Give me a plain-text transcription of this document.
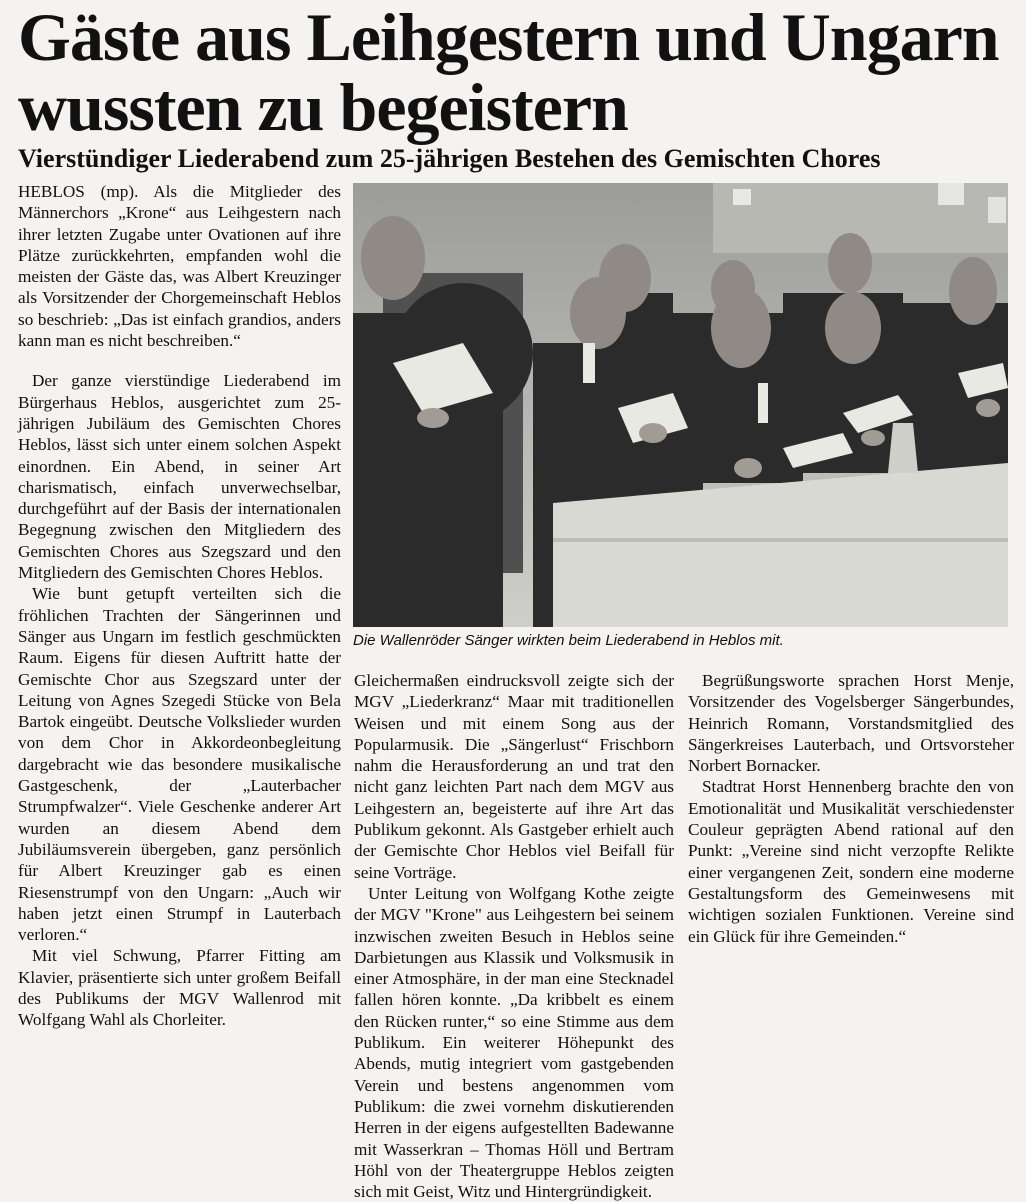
Gäste aus Leihgestern und Ungarn wussten zu begeistern
Vierstündiger Liederabend zum 25-jährigen Bestehen des Gemischten Chores

HEBLOS (mp). Als die Mitglieder des Männerchors „Krone“ aus Leihgestern nach ihrer letzten Zugabe unter Ovationen auf ihre Plätze zurückkehrten, empfanden wohl die meisten der Gäste das, was Albert Kreuzinger als Vorsitzender der Chorgemeinschaft Heblos so beschrieb: „Das ist einfach grandios, anders kann man es nicht beschreiben.“

Der ganze vierstündige Liederabend im Bürgerhaus Heblos, ausgerichtet zum 25-jährigen Jubiläum des Gemischten Chores Heblos, lässt sich unter einem solchen Aspekt einordnen. Ein Abend, in seiner Art charismatisch, einfach unverwechselbar, durchgeführt auf der Basis der internationalen Begegnung zwischen den Mitgliedern des Gemischten Chores aus Szegszard und den Mitgliedern des Gemischten Chores Heblos.

Wie bunt getupft verteilten sich die fröhlichen Trachten der Sängerinnen und Sänger aus Ungarn im festlich geschmückten Raum. Eigens für diesen Auftritt hatte der Gemischte Chor aus Szegszard unter der Leitung von Agnes Szegedi Stücke von Bela Bartok eingeübt. Deutsche Volkslieder wurden von dem Chor in Akkordeonbegleitung dargebracht wie das besondere musikalische Gastgeschenk, der „Lauterbacher Strumpfwalzer“. Viele Geschenke anderer Art wurden an diesem Abend dem Jubiläumsverein übergeben, ganz persönlich für Albert Kreuzinger gab es einen Riesenstrumpf von den Ungarn: „Auch wir haben jetzt einen Strumpf in Lauterbach verloren.“

Mit viel Schwung, Pfarrer Fitting am Klavier, präsentierte sich unter großem Beifall des Publikums der MGV Wallenrod mit Wolfgang Wahl als Chorleiter.

Die Wallenröder Sänger wirkten beim Liederabend in Heblos mit.

Gleichermaßen eindrucksvoll zeigte sich der MGV „Liederkranz“ Maar mit traditionellen Weisen und mit einem Song aus der Popularmusik. Die „Sängerlust“ Frischborn nahm die Herausforderung an und trat den nicht ganz leichten Part nach dem MGV aus Leihgestern an, begeisterte auf ihre Art das Publikum gekonnt. Als Gastgeber erhielt auch der Gemischte Chor Heblos viel Beifall für seine Vorträge.

Unter Leitung von Wolfgang Kothe zeigte der MGV "Krone" aus Leihgestern bei seinem inzwischen zweiten Besuch in Heblos seine Darbietungen aus Klassik und Volksmusik in einer Atmosphäre, in der man eine Stecknadel fallen hören konnte. „Da kribbelt es einem den Rücken runter,“ so eine Stimme aus dem Publikum. Ein weiterer Höhepunkt des Abends, mutig integriert vom gastgebenden Verein und bestens angenommen vom Publikum: die zwei vornehm diskutierenden Herren in der eigens aufgestellten Badewanne mit Wasserkran – Thomas Höll und Bertram Höhl von der Theatergruppe Heblos zeigten sich mit Geist, Witz und Hintergründigkeit.

Begrüßungsworte sprachen Horst Menje, Vorsitzender des Vogelsberger Sängerbundes, Heinrich Romann, Vorstandsmitglied des Sängerkreises Lauterbach, und Ortsvorsteher Norbert Bornacker.

Stadtrat Horst Hennenberg brachte den von Emotionalität und Musikalität verschiedenster Couleur geprägten Abend rational auf den Punkt: „Vereine sind nicht verzopfte Relikte einer vergangenen Zeit, sondern eine moderne Gestaltungsform des Gemeinwesens mit wichtigen sozialen Funktionen. Vereine sind ein Glück für ihre Gemeinden.“
